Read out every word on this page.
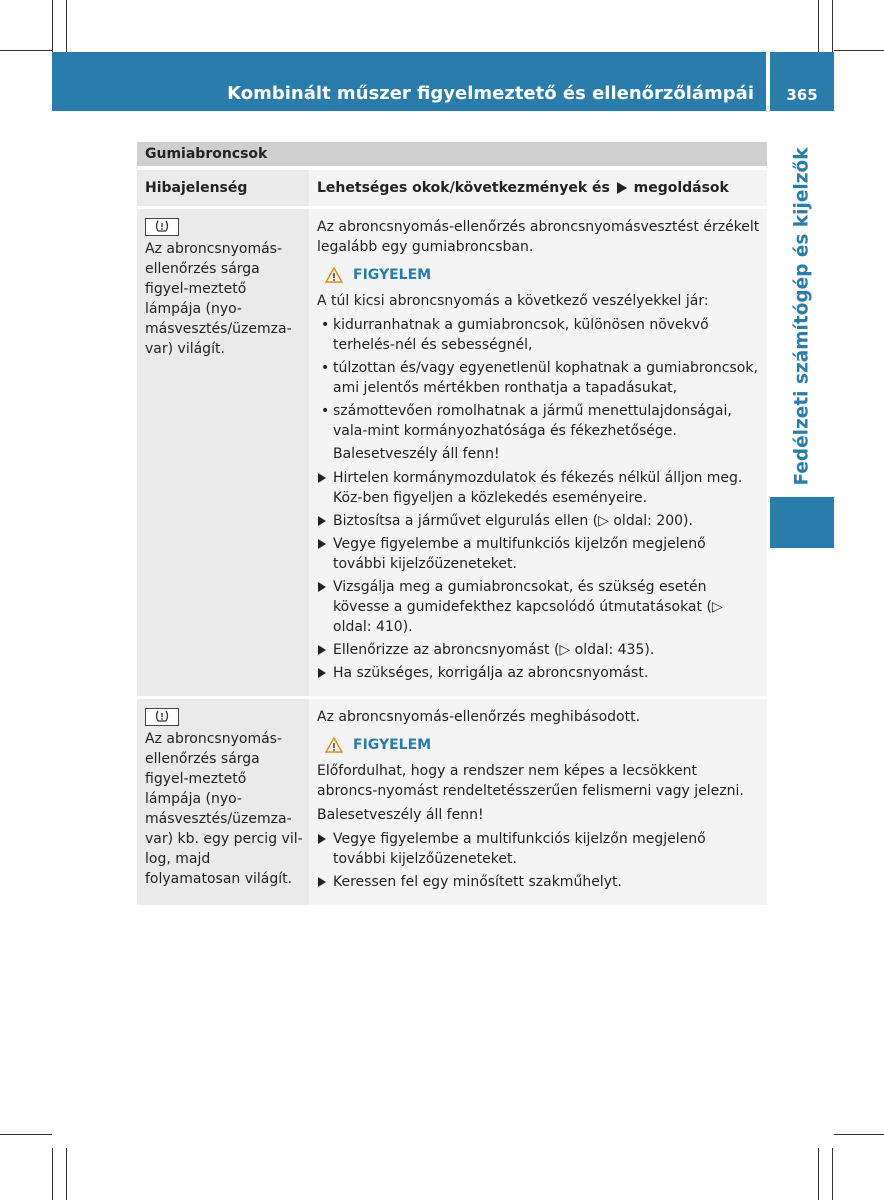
Kombinált műszer figyelmeztető és ellenőrzőlámpái 365
Fedélzeti számítógép és kijelzők
Gumiabroncsok
Hibajelenség	Lehetséges okok/következmények és megoldások
Az abroncsnyomás-ellenőrzés sárga figyel-meztető lámpája (nyo-másvesztés/üzemza-var) világít.

Az abroncsnyomás-ellenőrzés abroncsnyomásvesztést érzékelt legalább egy gumiabroncsban.

FIGYELEM

A túl kicsi abroncsnyomás a következő veszélyekkel jár:

• kidurranhatnak a gumiabroncsok, különösen növekvő terhelés-nél és sebességnél,
• túlzottan és/vagy egyenetlenül kophatnak a gumiabroncsok, ami jelentős mértékben ronthatja a tapadásukat,
• számottevően romolhatnak a jármű menettulajdonságai, vala-mint kormányozhatósága és fékezhetősége.

Balesetveszély áll fenn!

Hirtelen kormánymozdulatok és fékezés nélkül álljon meg. Köz-ben figyeljen a közlekedés eseményeire.
Biztosítsa a járművet elgurulás ellen (▷ oldal: 200).
Vegye figyelembe a multifunkciós kijelzőn megjelenő további kijelzőüzeneteket.
Vizsgálja meg a gumiabroncsokat, és szükség esetén kövesse a gumidefekthez kapcsolódó útmutatásokat (▷ oldal: 410).
Ellenőrizze az abroncsnyomást (▷ oldal: 435).
Ha szükséges, korrigálja az abroncsnyomást.
Az abroncsnyomás-ellenőrzés sárga figyel-meztető lámpája (nyo-másvesztés/üzemza-var) kb. egy percig vil-log, majd folyamatosan világít.

Az abroncsnyomás-ellenőrzés meghibásodott.

FIGYELEM

Előfordulhat, hogy a rendszer nem képes a lecsökkent abroncs-nyomást rendeltetésszerűen felismerni vagy jelezni.

Balesetveszély áll fenn!

Vegye figyelembe a multifunkciós kijelzőn megjelenő további kijelzőüzeneteket.
Keressen fel egy minősített szakműhelyt.
